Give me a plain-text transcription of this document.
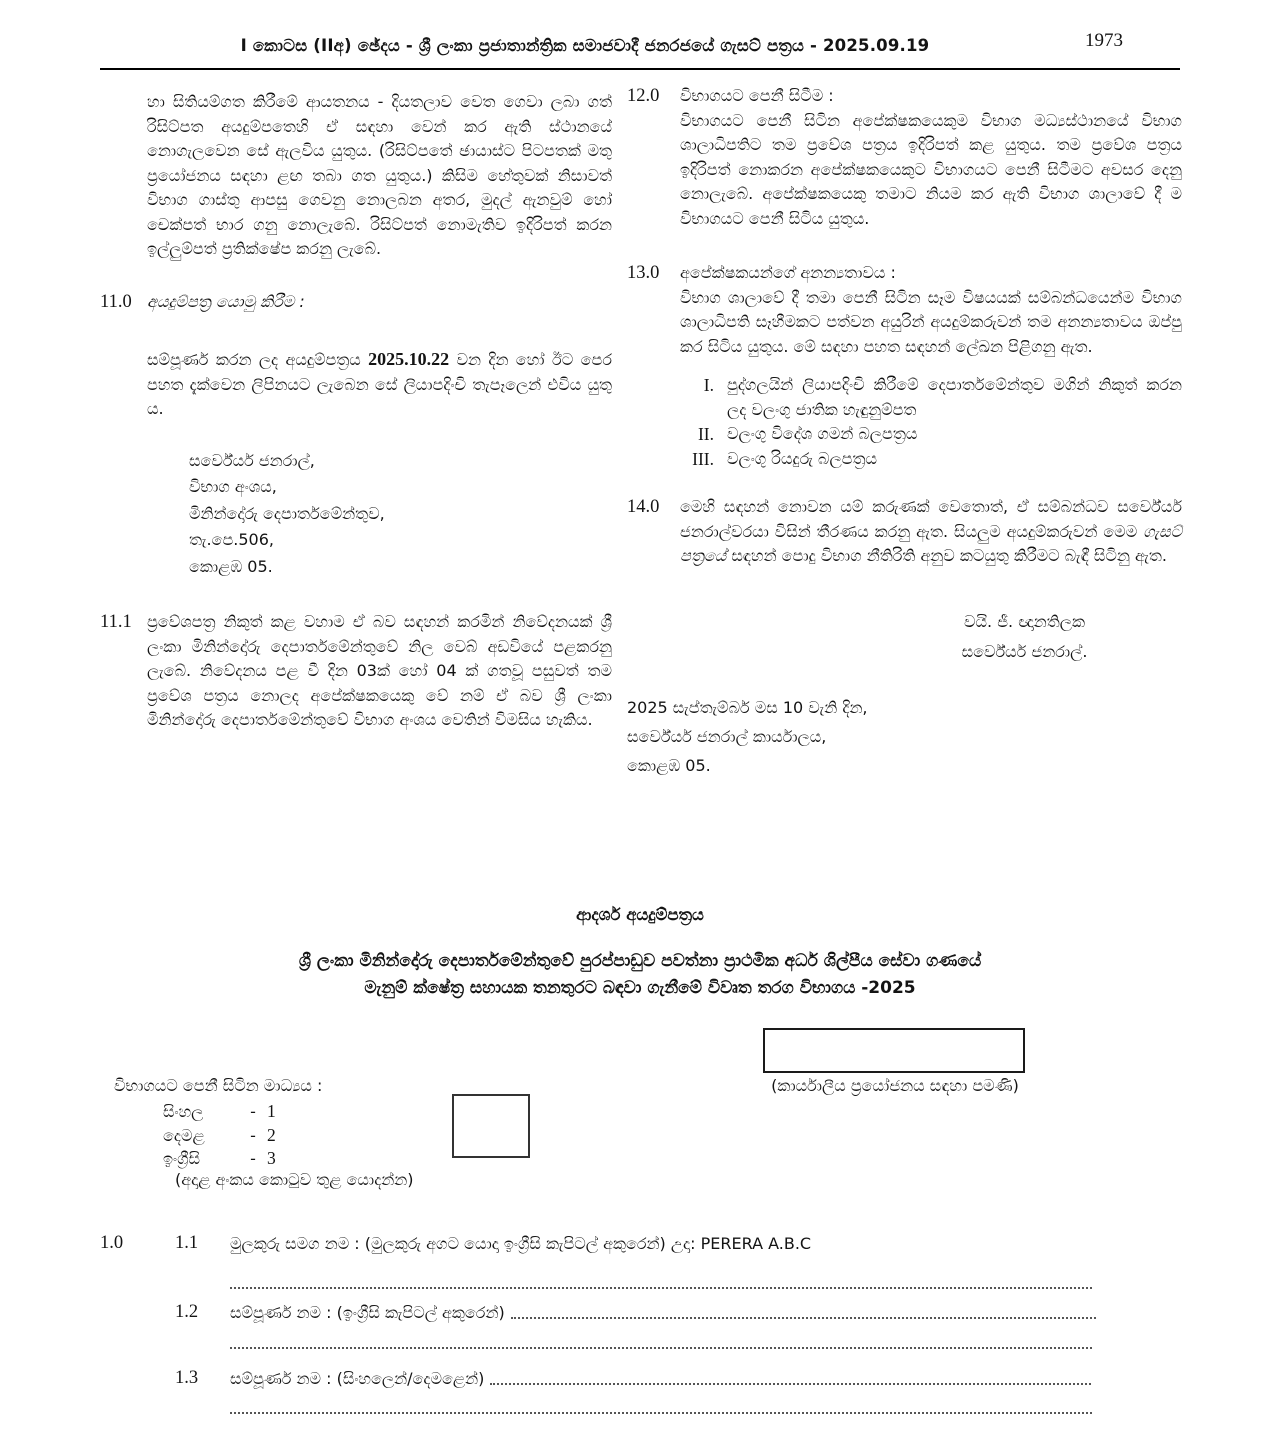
I කොටස (IIඅ) ඡේදය - ශ්‍රී ලංකා ප්‍රජාතාන්ත්‍රික සමාජවාදී ජනරජයේ ගැසට් පත්‍රය - 2025.09.19	1973

හා සිතියම්ගත කිරීමේ ආයතනය - දියතලාව වෙත ගෙවා ලබා ගත් රිසිට්පත අයදුම්පතෙහි ඒ සඳහා වෙන් කර ඇති ස්ථානයේ නොගැලවෙන සේ ඇලවිය යුතුය. (රිසිට්පතේ ඡායාස්ට පිටපතක් මතු ප්‍රයෝජනය සඳහා ළඟ තබා ගත යුතුය.) කිසිම හේතුවක් නිසාවත් විභාග ගාස්තු ආපසු ගෙවනු නොලබන අතර, මුදල් ඇනවුම් හෝ චෙක්පත් භාර ගනු නොලැබේ. රිසිට්පත් නොමැතිව ඉදිරිපත් කරන ඉල්ලුම්පත් ප්‍රතික්ෂේප කරනු ලැබේ.

11.0 අයදුම්පත්‍ර යොමු කිරීම :

සම්පූර්ණ කරන ලද අයදුම්පත්‍රය 2025.10.22 වන දින හෝ ඊට පෙර පහත දැක්වෙන ලිපිනයට ලැබෙන සේ ලියාපදිංචි තැපෑලෙන් එවිය යුතු ය.

සර්වේයර් ජනරාල්,
විභාග අංශය,
මිනින්දෝරු දෙපාර්තමේන්තුව,
තැ.පෙ.506,
කොළඹ 05.
11.1 ප්‍රවේශපත්‍ර නිකුත් කළ වහාම ඒ බව සඳහන් කරමින් නිවේදනයක් ශ්‍රී ලංකා මිනින්දෝරු දෙපාර්තමේන්තුවේ නිල වෙබ් අඩවියේ පළකරනු ලැබේ. නිවේදනය පළ වී දින 03ක් හෝ 04 ක් ගතවූ පසුවත් තම ප්‍රවේශ පත්‍රය නොලද අපේක්ෂකයෙකු වේ නම් ඒ බව ශ්‍රී ලංකා මිනින්දෝරු දෙපාර්තමේන්තුවේ විභාග අංශය වෙතින් විමසිය හැකිය.
12.0	විභාගයට පෙනී සිටීම :

විභාගයට පෙනී සිටින අපේක්ෂකයෙකුම විභාග මධ්‍යස්ථානයේ විභාග ශාලාධිපතිට තම ප්‍රවේශ පත්‍රය ඉදිරිපත් කළ යුතුය. තම ප්‍රවේශ පත්‍රය ඉදිරිපත් නොකරන අපේක්ෂකයෙකුට විභාගයට පෙනී සිටීමට අවසර දෙනු නොලැබේ. අපේක්ෂකයෙකු තමාට නියම කර ඇති විභාග ශාලාවේ දී ම විභාගයට පෙනී සිටිය යුතුය.

13.0	අපේක්ෂකයන්ගේ අනන්‍යතාවය :

විභාග ශාලාවේ දී තමා පෙනී සිටින සෑම විෂයයක් සම්බන්ධයෙන්ම විභාග ශාලාධිපති සෑහීමකට පත්වන අයුරින් අයදුම්කරුවන් තම අනන්‍යතාවය ඔප්පු කර සිටිය යුතුය. මේ සඳහා පහත සඳහන් ලේඛන පිළිගනු ඇත.

I. පුද්ගලයින් ලියාපදිංචි කිරීමේ දෙපාර්තමේන්තුව මගින් නිකුත් කරන ලද වලංගු ජාතික හැඳුනුම්පත
II. වලංගු විදේශ ගමන් බලපත්‍රය
III. වලංගු රියදුරු බලපත්‍රය
14.0	මෙහි සඳහන් නොවන යම් කරුණක් වෙතොත්, ඒ සම්බන්ධව සර්වේයර් ජනරාල්වරයා විසින් තීරණය කරනු ඇත. සියලුම අයදුම්කරුවන් මෙම ගැසට් පත්‍රයේ සඳහන් පොදු විභාග නීතිරිති අනුව කටයුතු කිරීමට බැඳී සිටිනු ඇත.
වයි. ජී. ඥානතිලක
සර්වේයර් ජනරාල්.
2025 සැප්තැම්බර් මස 10 වැනි දින,
සර්වේයර් ජනරාල් කාර්යාලය,
කොළඹ 05.
ආදර්ශ අයදුම්පත්‍රය
ශ්‍රී ලංකා මිනින්දෝරු දෙපාර්තමේන්තුවේ පුරප්පාඩුව පවත්නා ප්‍රාථමික අර්ධ ශිල්පීය සේවා ගණයේ
මැනුම් ක්ෂේත්‍ර සහායක තනතුරට බඳවා ගැනීමේ විවෘත තරග විභාගය -2025
(කාර්යාලීය ප්‍රයෝජනය සඳහා පමණි)
විභාගයට පෙනී සිටින මාධ්‍යය :
සිංහල	- 1
දෙමළ	- 2
ඉංග්‍රීසි	- 3
(අදාළ අංකය කොටුව තුළ යොදන්න)
1.0	1.1	මුලකුරු සමග නම : (මුලකුරු අගට යොදා ඉංග්‍රීසි කැපිටල් අකුරෙන්) උදා: PERERA A.B.C
1.2	සම්පූර්ණ නම : (ඉංග්‍රීසි කැපිටල් අකුරෙන්)
1.3	සම්පූර්ණ නම : (සිංහලෙන්/දෙමළෙන්)
